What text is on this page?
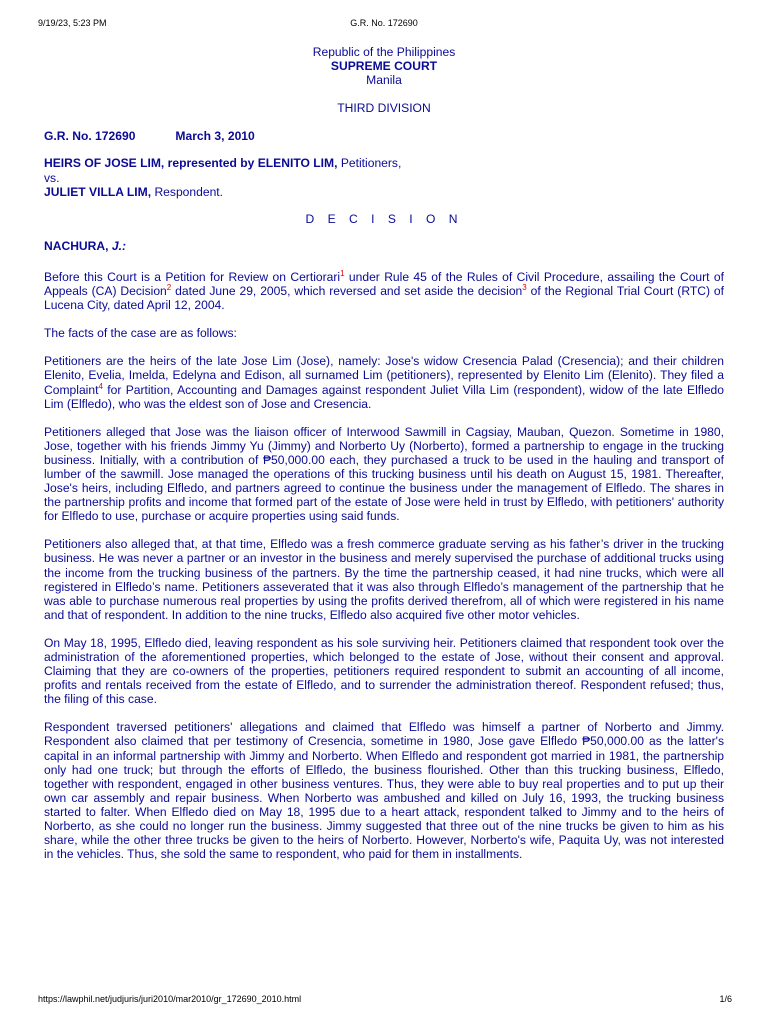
9/19/23, 5:23 PM	G.R. No. 172690
Republic of the Philippines
SUPREME COURT
Manila
THIRD DIVISION
G.R. No. 172690	March 3, 2010
HEIRS OF JOSE LIM, represented by ELENITO LIM, Petitioners,
vs.
JULIET VILLA LIM, Respondent.
D E C I S I O N
NACHURA, J.:

Before this Court is a Petition for Review on Certiorari$^1$ under Rule 45 of the Rules of Civil Procedure, assailing the Court of Appeals (CA) Decision$^2$ dated June 29, 2005, which reversed and set aside the decision$^3$ of the Regional Trial Court (RTC) of Lucena City, dated April 12, 2004.

The facts of the case are as follows:

Petitioners are the heirs of the late Jose Lim (Jose), namely: Jose's widow Cresencia Palad (Cresencia); and their children Elenito, Evelia, Imelda, Edelyna and Edison, all surnamed Lim (petitioners), represented by Elenito Lim (Elenito). They filed a Complaint$^4$ for Partition, Accounting and Damages against respondent Juliet Villa Lim (respondent), widow of the late Elfledo Lim (Elfledo), who was the eldest son of Jose and Cresencia.

Petitioners alleged that Jose was the liaison officer of Interwood Sawmill in Cagsiay, Mauban, Quezon. Sometime in 1980, Jose, together with his friends Jimmy Yu (Jimmy) and Norberto Uy (Norberto), formed a partnership to engage in the trucking business. Initially, with a contribution of ₱50,000.00 each, they purchased a truck to be used in the hauling and transport of lumber of the sawmill. Jose managed the operations of this trucking business until his death on August 15, 1981. Thereafter, Jose's heirs, including Elfledo, and partners agreed to continue the business under the management of Elfledo. The shares in the partnership profits and income that formed part of the estate of Jose were held in trust by Elfledo, with petitioners' authority for Elfledo to use, purchase or acquire properties using said funds.

Petitioners also alleged that, at that time, Elfledo was a fresh commerce graduate serving as his father’s driver in the trucking business. He was never a partner or an investor in the business and merely supervised the purchase of additional trucks using the income from the trucking business of the partners. By the time the partnership ceased, it had nine trucks, which were all registered in Elfledo’s name. Petitioners asseverated that it was also through Elfledo’s management of the partnership that he was able to purchase numerous real properties by using the profits derived therefrom, all of which were registered in his name and that of respondent. In addition to the nine trucks, Elfledo also acquired five other motor vehicles.

On May 18, 1995, Elfledo died, leaving respondent as his sole surviving heir. Petitioners claimed that respondent took over the administration of the aforementioned properties, which belonged to the estate of Jose, without their consent and approval. Claiming that they are co-owners of the properties, petitioners required respondent to submit an accounting of all income, profits and rentals received from the estate of Elfledo, and to surrender the administration thereof. Respondent refused; thus, the filing of this case.

Respondent traversed petitioners' allegations and claimed that Elfledo was himself a partner of Norberto and Jimmy. Respondent also claimed that per testimony of Cresencia, sometime in 1980, Jose gave Elfledo ₱50,000.00 as the latter's capital in an informal partnership with Jimmy and Norberto. When Elfledo and respondent got married in 1981, the partnership only had one truck; but through the efforts of Elfledo, the business flourished. Other than this trucking business, Elfledo, together with respondent, engaged in other business ventures. Thus, they were able to buy real properties and to put up their own car assembly and repair business. When Norberto was ambushed and killed on July 16, 1993, the trucking business started to falter. When Elfledo died on May 18, 1995 due to a heart attack, respondent talked to Jimmy and to the heirs of Norberto, as she could no longer run the business. Jimmy suggested that three out of the nine trucks be given to him as his share, while the other three trucks be given to the heirs of Norberto. However, Norberto's wife, Paquita Uy, was not interested in the vehicles. Thus, she sold the same to respondent, who paid for them in installments.

https://lawphil.net/judjuris/juri2010/mar2010/gr_172690_2010.html	1/6
